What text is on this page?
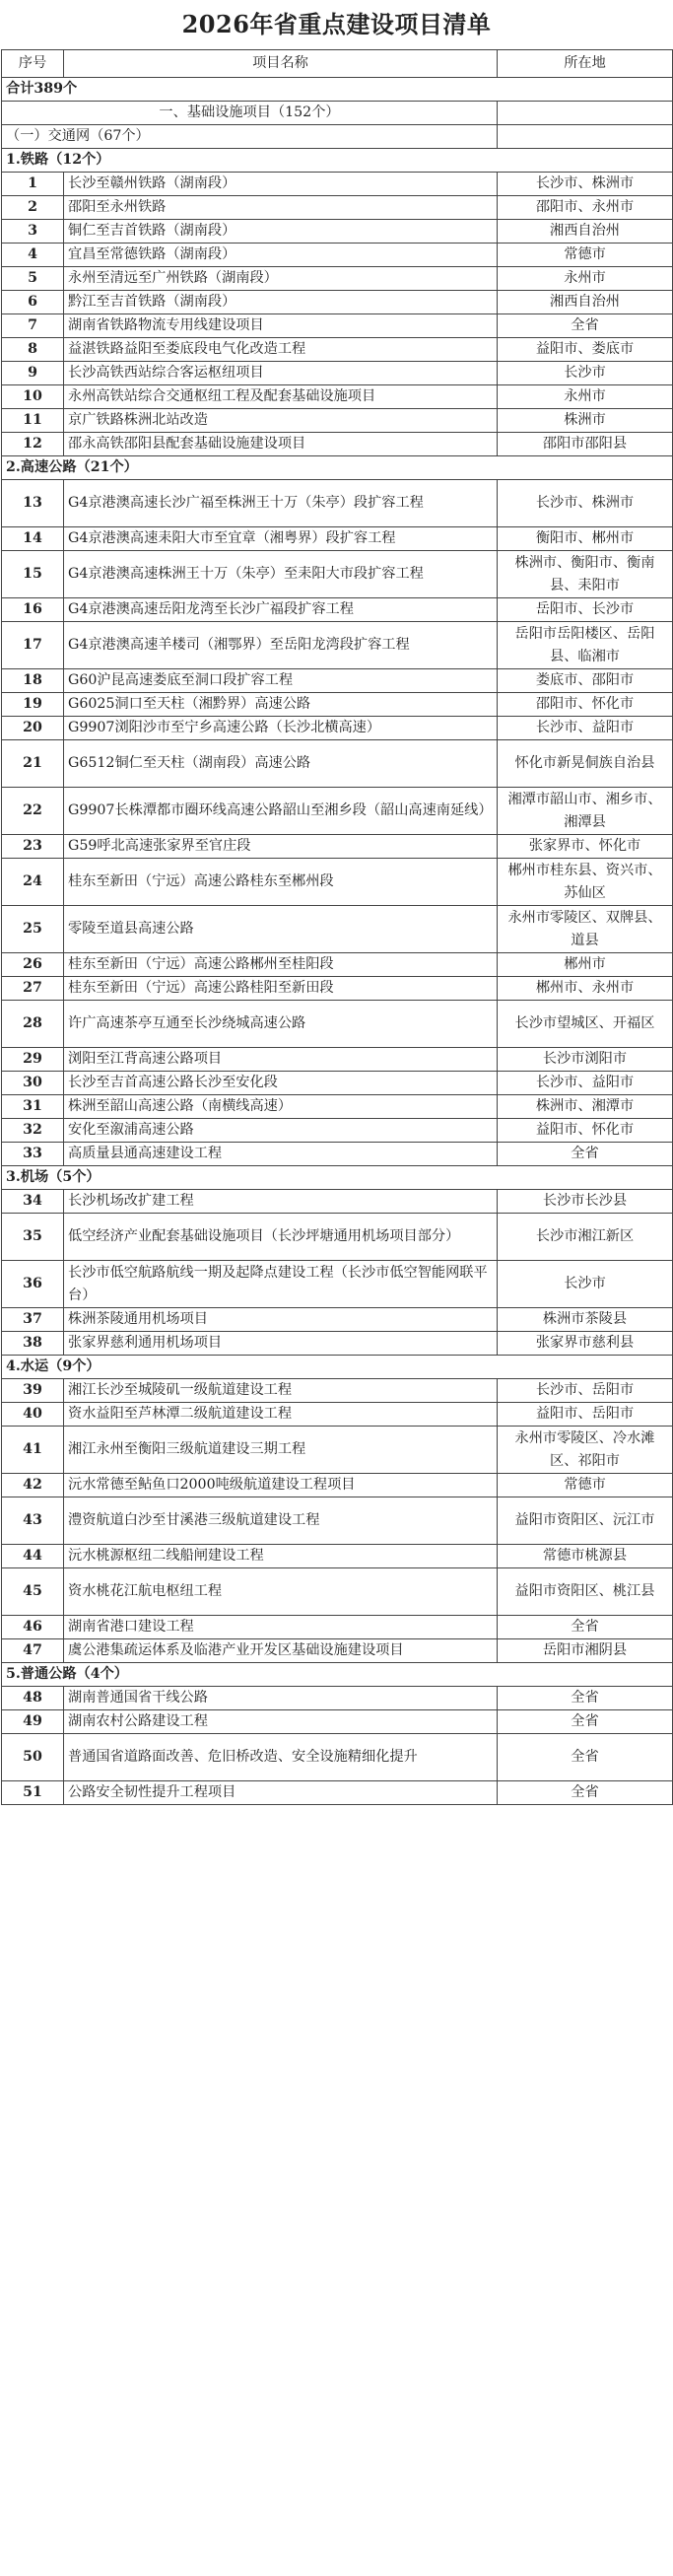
2026年省重点建设项目清单
序号	项目名称	所在地
合计389个		
一、基础设施项目（152个）		
（一）交通网（67个）		
1.铁路（12个）		
1	长沙至赣州铁路（湖南段）	长沙市、株洲市
2	邵阳至永州铁路	邵阳市、永州市
3	铜仁至吉首铁路（湖南段）	湘西自治州
4	宜昌至常德铁路（湖南段）	常德市
5	永州至清远至广州铁路（湖南段）	永州市
6	黔江至吉首铁路（湖南段）	湘西自治州
7	湖南省铁路物流专用线建设项目	全省
8	益湛铁路益阳至娄底段电气化改造工程	益阳市、娄底市
9	长沙高铁西站综合客运枢纽项目	长沙市
10	永州高铁站综合交通枢纽工程及配套基础设施项目	永州市
11	京广铁路株洲北站改造	株洲市
12	邵永高铁邵阳县配套基础设施建设项目	邵阳市邵阳县
2.高速公路（21个）		
13	G4京港澳高速长沙广福至株洲王十万（朱亭）段扩容工程	长沙市、株洲市
14	G4京港澳高速耒阳大市至宜章（湘粤界）段扩容工程	衡阳市、郴州市
15	G4京港澳高速株洲王十万（朱亭）至耒阳大市段扩容工程	株洲市、衡阳市、衡南县、耒阳市
16	G4京港澳高速岳阳龙湾至长沙广福段扩容工程	岳阳市、长沙市
17	G4京港澳高速羊楼司（湘鄂界）至岳阳龙湾段扩容工程	岳阳市岳阳楼区、岳阳县、临湘市
18	G60沪昆高速娄底至洞口段扩容工程	娄底市、邵阳市
19	G6025洞口至天柱（湘黔界）高速公路	邵阳市、怀化市
20	G9907浏阳沙市至宁乡高速公路（长沙北横高速）	长沙市、益阳市
21	G6512铜仁至天柱（湖南段）高速公路	怀化市新晃侗族自治县
22	G9907长株潭都市圈环线高速公路韶山至湘乡段（韶山高速南延线）	湘潭市韶山市、湘乡市、湘潭县
23	G59呼北高速张家界至官庄段	张家界市、怀化市
24	桂东至新田（宁远）高速公路桂东至郴州段	郴州市桂东县、资兴市、苏仙区
25	零陵至道县高速公路	永州市零陵区、双牌县、道县
26	桂东至新田（宁远）高速公路郴州至桂阳段	郴州市
27	桂东至新田（宁远）高速公路桂阳至新田段	郴州市、永州市
28	许广高速茶亭互通至长沙绕城高速公路	长沙市望城区、开福区
29	浏阳至江背高速公路项目	长沙市浏阳市
30	长沙至吉首高速公路长沙至安化段	长沙市、益阳市
31	株洲至韶山高速公路（南横线高速）	株洲市、湘潭市
32	安化至溆浦高速公路	益阳市、怀化市
33	高质量县通高速建设工程	全省
3.机场（5个）		
34	长沙机场改扩建工程	长沙市长沙县
35	低空经济产业配套基础设施项目（长沙坪塘通用机场项目部分）	长沙市湘江新区
36	长沙市低空航路航线一期及起降点建设工程（长沙市低空智能网联平台）	长沙市
37	株洲茶陵通用机场项目	株洲市茶陵县
38	张家界慈利通用机场项目	张家界市慈利县
4.水运（9个）		
39	湘江长沙至城陵矶一级航道建设工程	长沙市、岳阳市
40	资水益阳至芦林潭二级航道建设工程	益阳市、岳阳市
41	湘江永州至衡阳三级航道建设三期工程	永州市零陵区、冷水滩区、祁阳市
42	沅水常德至鲇鱼口2000吨级航道建设工程项目	常德市
43	澧资航道白沙至甘溪港三级航道建设工程	益阳市资阳区、沅江市
44	沅水桃源枢纽二线船闸建设工程	常德市桃源县
45	资水桃花江航电枢纽工程	益阳市资阳区、桃江县
46	湖南省港口建设工程	全省
47	虞公港集疏运体系及临港产业开发区基础设施建设项目	岳阳市湘阴县
5.普通公路（4个）		
48	湖南普通国省干线公路	全省
49	湖南农村公路建设工程	全省
50	普通国省道路面改善、危旧桥改造、安全设施精细化提升	全省
51	公路安全韧性提升工程项目	全省
